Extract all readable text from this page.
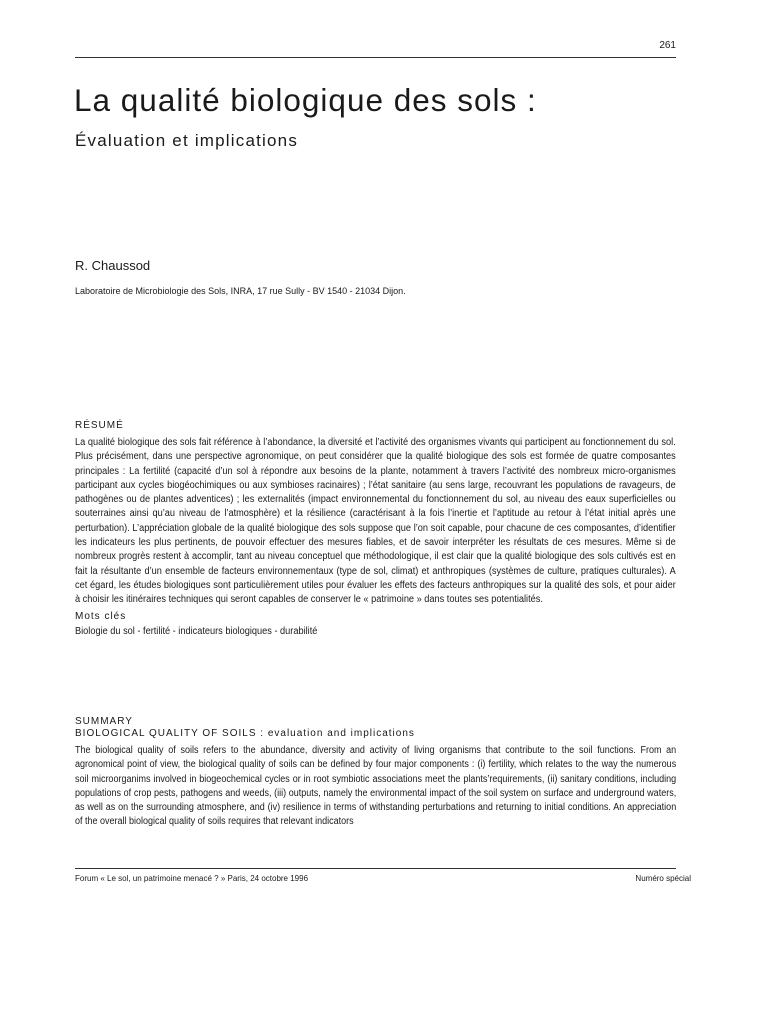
261
La qualité biologique des sols :
Évaluation et implications
R. Chaussod
Laboratoire de Microbiologie des Sols, INRA, 17 rue Sully - BV 1540 - 21034 Dijon.
RÉSUMÉ
La qualité biologique des sols fait référence à l’abondance, la diversité et l’activité des organismes vivants qui participent au fonctionnement du sol. Plus précisément, dans une perspective agronomique, on peut considérer que la qualité biologique des sols est formée de quatre composantes principales : La fertilité (capacité d’un sol à répondre aux besoins de la plante, notamment à travers l’activité des nombreux micro-organismes participant aux cycles biogéochimiques ou aux symbioses racinaires) ; l’état sanitaire (au sens large, recouvrant les populations de ravageurs, de pathogènes ou de plantes adventices) ; les externalités (impact environnemental du fonctionnement du sol, au niveau des eaux superficielles ou souterraines ainsi qu’au niveau de l’atmosphère) et la résilience (caractérisant à la fois l’inertie et l’aptitude au retour à l’état initial après une perturbation). L’appréciation globale de la qualité biologique des sols suppose que l’on soit capable, pour chacune de ces composantes, d’identifier les indicateurs les plus pertinents, de pouvoir effectuer des mesures fiables, et de savoir interpréter les résultats de ces mesures. Même si de nombreux progrès restent à accomplir, tant au niveau conceptuel que méthodologique, il est clair que la qualité biologique des sols cultivés est en fait la résultante d’un ensemble de facteurs environnementaux (type de sol, climat) et anthropiques (systèmes de culture, pratiques culturales). A cet égard, les études biologiques sont particulièrement utiles pour évaluer les effets des facteurs anthropiques sur la qualité des sols, et pour aider à choisir les itinéraires techniques qui seront capables de conserver le « patrimoine » dans toutes ses potentialités.
Mots clés
Biologie du sol - fertilité - indicateurs biologiques - durabilité
SUMMARY
BIOLOGICAL QUALITY OF SOILS : evaluation and implications
The biological quality of soils refers to the abundance, diversity and activity of living organisms that contribute to the soil functions. From an agronomical point of view, the biological quality of soils can be defined by four major components : (i) fertility, which relates to the way the numerous soil microorganims involved in biogeochemical cycles or in root symbiotic associations meet the plants’requirements, (ii) sanitary conditions, including populations of crop pests, pathogens and weeds, (iii) outputs, namely the environmental impact of the soil system on surface and underground waters, as well as on the surrounding atmosphere, and (iv) resilience in terms of withstanding perturbations and returning to initial conditions. An appreciation of the overall biological quality of soils requires that relevant indicators
Forum « Le sol, un patrimoine menacé ? » Paris, 24 octobre 1996	Numéro spécial
